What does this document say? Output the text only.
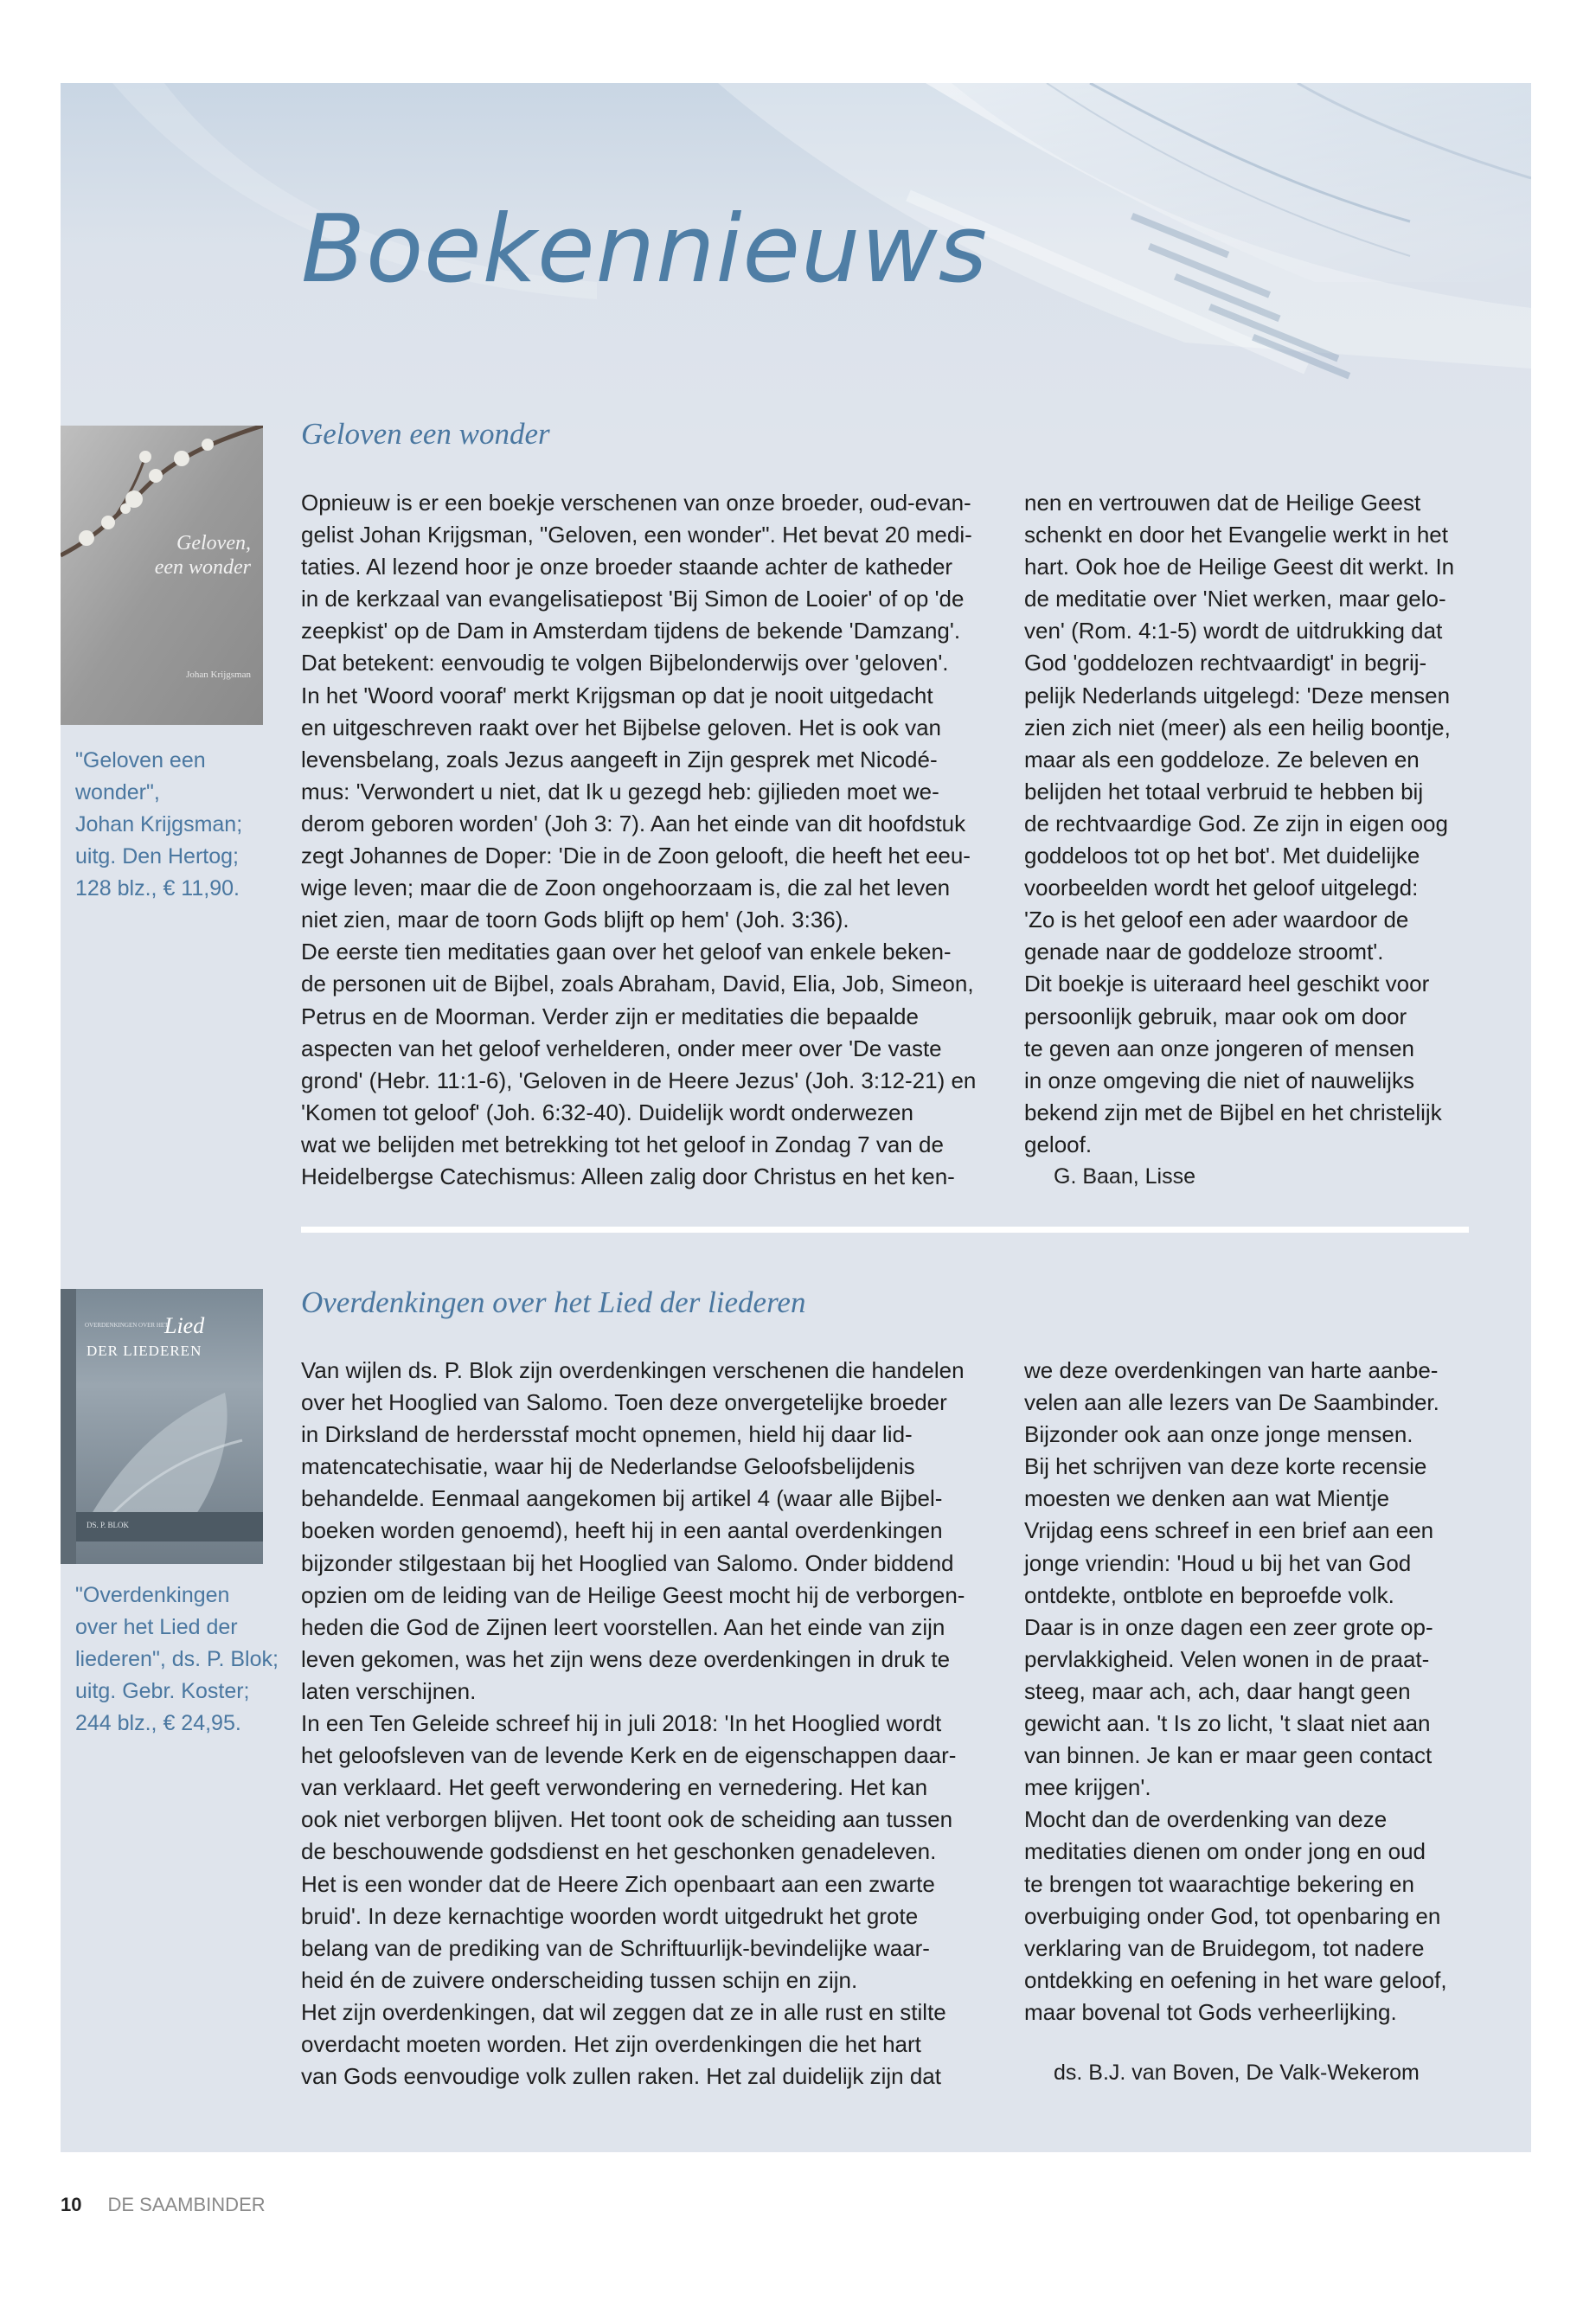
Boekennieuws
Geloven,
een wonder
Johan Krijgsman

"Geloven een
wonder",
Johan Krijgsman;
uitg. Den Hertog;
128 blz., € 11,90.

Geloven een wonder
Opnieuw is er een boekje verschenen van onze broeder, oud-evan-
gelist Johan Krijgsman, "Geloven, een wonder". Het bevat 20 medi-
taties. Al lezend hoor je onze broeder staande achter de katheder
in de kerkzaal van evangelisatiepost 'Bij Simon de Looier' of op 'de
zeepkist' op de Dam in Amsterdam tijdens de bekende 'Damzang'.
Dat betekent: eenvoudig te volgen Bijbelonderwijs over 'geloven'.
In het 'Woord vooraf' merkt Krijgsman op dat je nooit uitgedacht
en uitgeschreven raakt over het Bijbelse geloven. Het is ook van
levensbelang, zoals Jezus aangeeft in Zijn gesprek met Nicodé-
mus: 'Verwondert u niet, dat Ik u gezegd heb: gijlieden moet we-
derom geboren worden' (Joh 3: 7). Aan het einde van dit hoofdstuk
zegt Johannes de Doper: 'Die in de Zoon gelooft, die heeft het eeu-
wige leven; maar die de Zoon ongehoorzaam is, die zal het leven
niet zien, maar de toorn Gods blijft op hem' (Joh. 3:36).
De eerste tien meditaties gaan over het geloof van enkele beken-
de personen uit de Bijbel, zoals Abraham, David, Elia, Job, Simeon,
Petrus en de Moorman. Verder zijn er meditaties die bepaalde
aspecten van het geloof verhelderen, onder meer over 'De vaste
grond' (Hebr. 11:1-6), 'Geloven in de Heere Jezus' (Joh. 3:12-21) en
'Komen tot geloof' (Joh. 6:32-40). Duidelijk wordt onderwezen
wat we belijden met betrekking tot het geloof in Zondag 7 van de
Heidelbergse Catechismus: Alleen zalig door Christus en het ken-
nen en vertrouwen dat de Heilige Geest
schenkt en door het Evangelie werkt in het
hart. Ook hoe de Heilige Geest dit werkt. In
de meditatie over 'Niet werken, maar gelo-
ven' (Rom. 4:1-5) wordt de uitdrukking dat
God 'goddelozen rechtvaardigt' in begrij-
pelijk Nederlands uitgelegd: 'Deze mensen
zien zich niet (meer) als een heilig boontje,
maar als een goddeloze. Ze beleven en
belijden het totaal verbruid te hebben bij
de rechtvaardige God. Ze zijn in eigen oog
goddeloos tot op het bot'. Met duidelijke
voorbeelden wordt het geloof uitgelegd:
'Zo is het geloof een ader waardoor de
genade naar de goddeloze stroomt'.
Dit boekje is uiteraard heel geschikt voor
persoonlijk gebruik, maar ook om door
te geven aan onze jongeren of mensen
in onze omgeving die niet of nauwelijks
bekend zijn met de Bijbel en het christelijk
geloof.
G. Baan, Lisse
OVERDENKINGEN OVER HET
Lied
DER LIEDEREN
DS. P. BLOK

"Overdenkingen
over het Lied der
liederen", ds. P. Blok;
uitg. Gebr. Koster;
244 blz., € 24,95.

Overdenkingen over het Lied der liederen
Van wijlen ds. P. Blok zijn overdenkingen verschenen die handelen
over het Hooglied van Salomo. Toen deze onvergetelijke broeder
in Dirksland de herdersstaf mocht opnemen, hield hij daar lid-
matencatechisatie, waar hij de Nederlandse Geloofsbelijdenis
behandelde. Eenmaal aangekomen bij artikel 4 (waar alle Bijbel-
boeken worden genoemd), heeft hij in een aantal overdenkingen
bijzonder stilgestaan bij het Hooglied van Salomo. Onder biddend
opzien om de leiding van de Heilige Geest mocht hij de verborgen-
heden die God de Zijnen leert voorstellen. Aan het einde van zijn
leven gekomen, was het zijn wens deze overdenkingen in druk te
laten verschijnen.
In een Ten Geleide schreef hij in juli 2018: 'In het Hooglied wordt
het geloofsleven van de levende Kerk en de eigenschappen daar-
van verklaard. Het geeft verwondering en vernedering. Het kan
ook niet verborgen blijven. Het toont ook de scheiding aan tussen
de beschouwende godsdienst en het geschonken genadeleven.
Het is een wonder dat de Heere Zich openbaart aan een zwarte
bruid'. In deze kernachtige woorden wordt uitgedrukt het grote
belang van de prediking van de Schriftuurlijk-bevindelijke waar-
heid én de zuivere onderscheiding tussen schijn en zijn.
Het zijn overdenkingen, dat wil zeggen dat ze in alle rust en stilte
overdacht moeten worden. Het zijn overdenkingen die het hart
van Gods eenvoudige volk zullen raken. Het zal duidelijk zijn dat
we deze overdenkingen van harte aanbe-
velen aan alle lezers van De Saambinder.
Bijzonder ook aan onze jonge mensen.
Bij het schrijven van deze korte recensie
moesten we denken aan wat Mientje
Vrijdag eens schreef in een brief aan een
jonge vriendin: 'Houd u bij het van God
ontdekte, ontblote en beproefde volk.
Daar is in onze dagen een zeer grote op-
pervlakkigheid. Velen wonen in de praat-
steeg, maar ach, ach, daar hangt geen
gewicht aan. 't Is zo licht, 't slaat niet aan
van binnen. Je kan er maar geen contact
mee krijgen'.
Mocht dan de overdenking van deze
meditaties dienen om onder jong en oud
te brengen tot waarachtige bekering en
overbuiging onder God, tot openbaring en
verklaring van de Bruidegom, tot nadere
ontdekking en oefening in het ware geloof,
maar bovenal tot Gods verheerlijking.
ds. B.J. van Boven, De Valk-Wekerom

10 DE SAAMBINDER
